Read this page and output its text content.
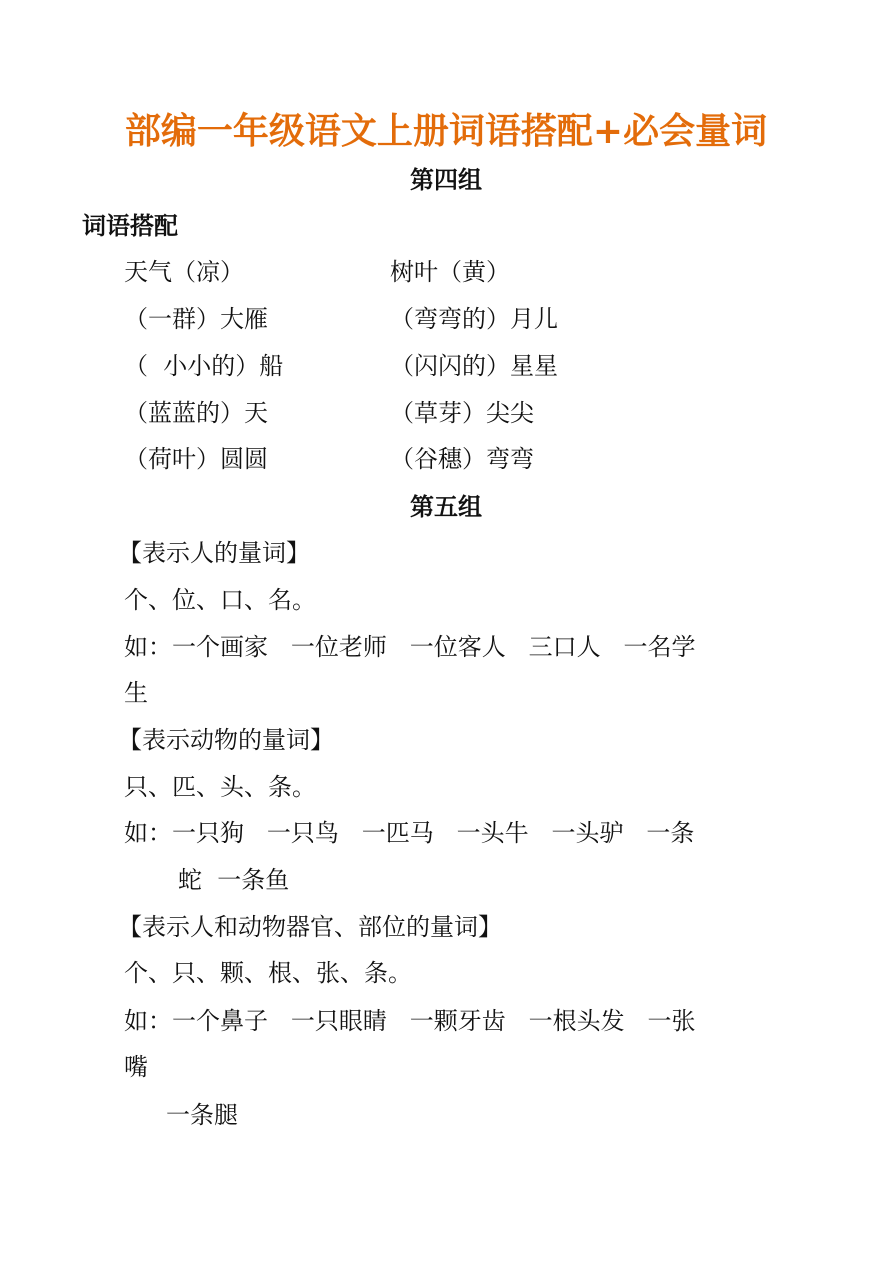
部编一年级语文上册词语搭配+必会量词
第四组
词语搭配
天气（凉）	树叶（黄）
（一群）大雁	（弯弯的）月儿
（  小小的）船	（闪闪的）星星
（蓝蓝的）天	（草芽）尖尖
（荷叶）圆圆	（谷穗）弯弯
第五组
【表示人的量词】
个、位、口、名。
如：一个画家   一位老师   一位客人   三口人   一名学
生
【表示动物的量词】
只、匹、头、条。
如：一只狗   一只鸟   一匹马   一头牛   一头驴   一条
蛇  一条鱼
【表示人和动物器官、部位的量词】
个、只、颗、根、张、条。
如：一个鼻子   一只眼睛   一颗牙齿   一根头发   一张
嘴
一条腿
